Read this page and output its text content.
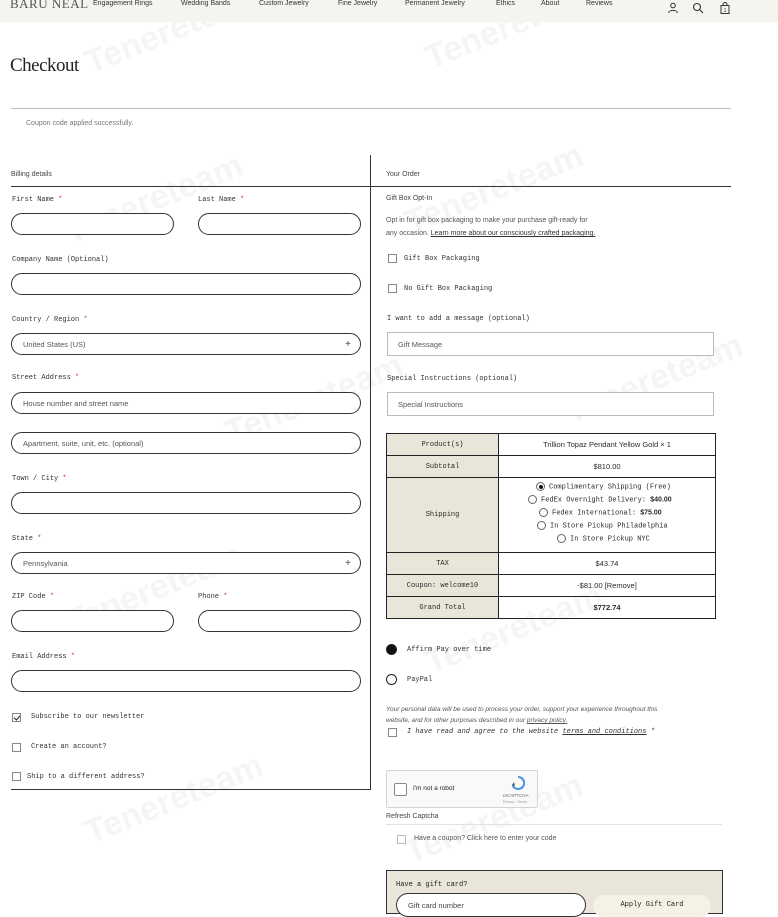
BARU NEAL Engagement Rings	Wedding Bands	Custom Jewelry	Fine Jewelry	Permanent Jewelry	Ethics	About	Reviews
1
Checkout
Coupon code applied successfully.
Billing details	Your Order
First Name *	Last Name *
Company Name (Optional)
Country / Region *
United States (US)	+
Street Address *
House number and street name
Apartment, suite, unit, etc. (optional)
Town / City *
State *
Pennsylvania	+
ZIP Code *	Phone *
Email Address *
Subscribe to our newsletter
Create an account?
Ship to a different address?
Gift Box Opt-In
Opt in for gift box packaging to make your purchase gift-ready for
any occasion. Learn more about our consciously crafted packaging.
Gift Box Packaging
No Gift Box Packaging
I want to add a message (optional)
Gift Message
Special Instructions (optional)
Special Instructions
Product(s)	Trillion Topaz Pendant Yellow Gold × 1
Subtotal	$810.00
Shipping	Complimentary Shipping (Free)
FedEx Overnight Delivery: $40.00
Fedex International: $75.00
In Store Pickup Philadelphia
In Store Pickup NYC

TAX	$43.74
Coupon: welcome10	-$81.00 [Remove]
Grand Total	$772.74
Affirm Pay over time
PayPal
Your personal data will be used to process your order, support your experience throughout this
website, and for other purposes described in our privacy policy.
I have read and agree to the website terms and conditions *
I'm not a robot
reCAPTCHA
Privacy - Terms
Refresh Captcha
Have a coupon? Click here to enter your code
Have a gift card?
Gift card number	Apply Gift Card
